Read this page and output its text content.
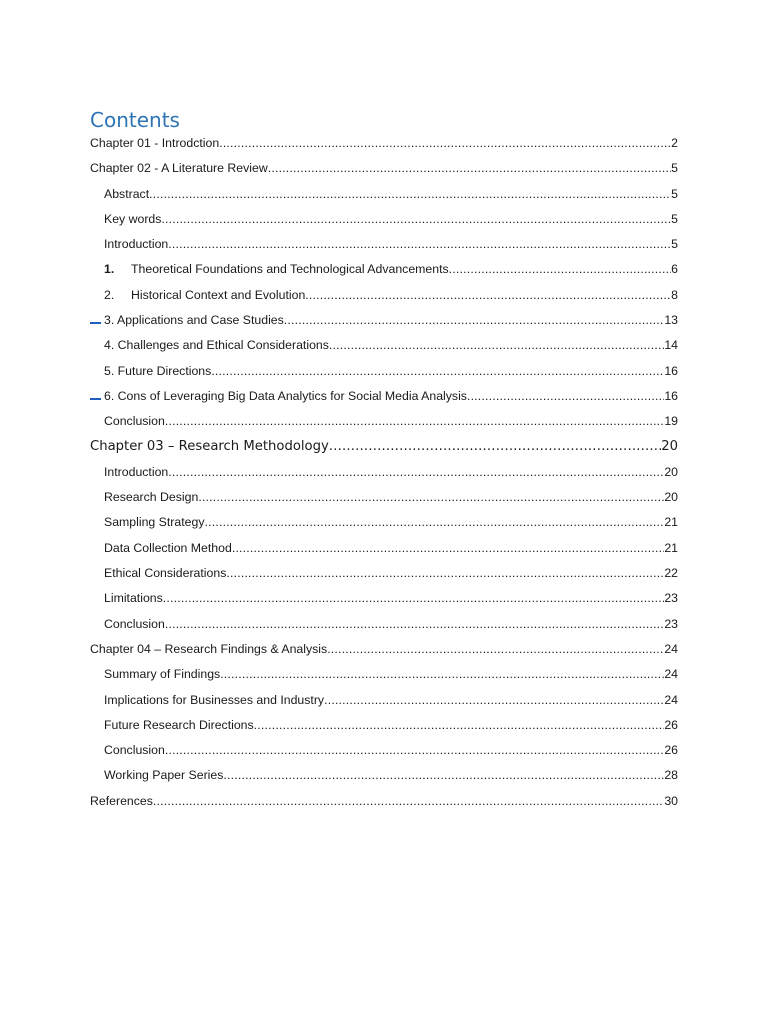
Contents
Chapter 01 - Introdction .....	2
Chapter 02 - A Literature Review .....	5
Abstract .....	5
Key words .....	5
Introduction .....	5
1.	Theoretical Foundations and Technological Advancements .....	6
2.	Historical Context and Evolution .....	8
3. Applications and Case Studies .....	13
4. Challenges and Ethical Considerations .....	14
5. Future Directions .....	16
6. Cons of Leveraging Big Data Analytics for Social Media Analysis .....	16
Conclusion .....	19
Chapter 03 – Research Methodology .....	20
Introduction .....	20
Research Design .....	20
Sampling Strategy .....	21
Data Collection Method .....	21
Ethical Considerations .....	22
Limitations .....	23
Conclusion .....	23
Chapter 04 – Research Findings & Analysis .....	24
Summary of Findings .....	24
Implications for Businesses and Industry .....	24
Future Research Directions .....	26
Conclusion .....	26
Working Paper Series .....	28
References .....	30
